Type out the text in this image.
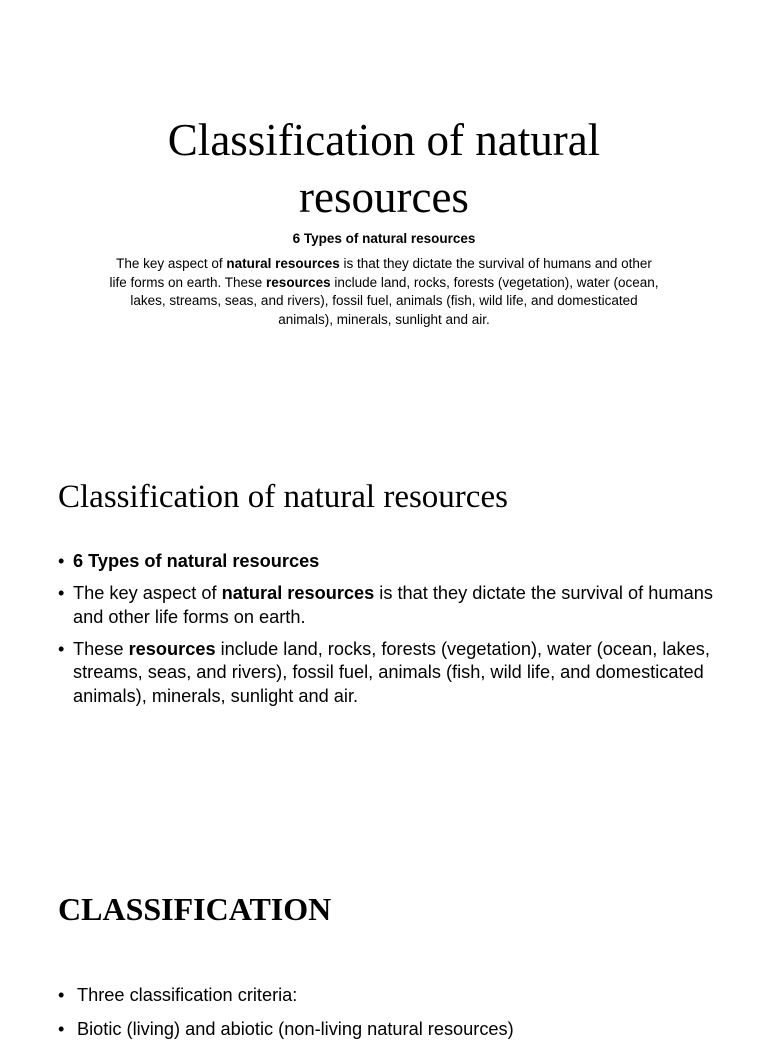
Classification of natural resources

6 Types of natural resources

The key aspect of natural resources is that they dictate the survival of humans and other life forms on earth. These resources include land, rocks, forests (vegetation), water (ocean, lakes, streams, seas, and rivers), fossil fuel, animals (fish, wild life, and domesticated animals), minerals, sunlight and air.

Classification of natural resources
• 6 Types of natural resources
• The key aspect of natural resources is that they dictate the survival of humans and other life forms on earth.
• These resources include land, rocks, forests (vegetation), water (ocean, lakes, streams, seas, and rivers), fossil fuel, animals (fish, wild life, and domesticated animals), minerals, sunlight and air.
CLASSIFICATION
• Three classification criteria:
• Biotic (living) and abiotic (non-living natural resources)
